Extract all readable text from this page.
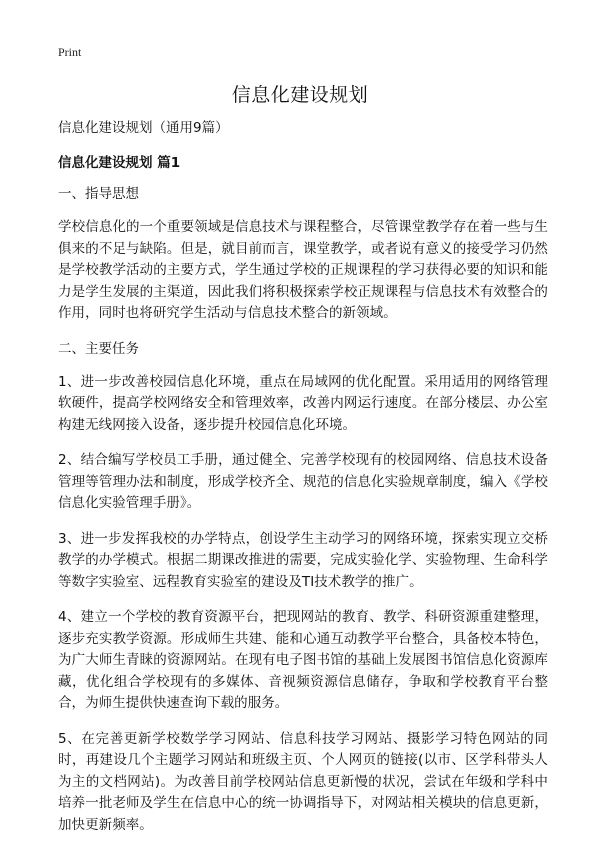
Print
信息化建设规划

信息化建设规划（通用9篇）

信息化建设规划 篇1

一、指导思想

学校信息化的一个重要领域是信息技术与课程整合，尽管课堂教学存在着一些与生俱来的不足与缺陷。但是，就目前而言，课堂教学，或者说有意义的接受学习仍然是学校教学活动的主要方式，学生通过学校的正规课程的学习获得必要的知识和能力是学生发展的主渠道，因此我们将积极探索学校正规课程与信息技术有效整合的作用，同时也将研究学生活动与信息技术整合的新领域。

二、主要任务

1、进一步改善校园信息化环境，重点在局域网的优化配置。采用适用的网络管理软硬件，提高学校网络安全和管理效率，改善内网运行速度。在部分楼层、办公室构建无线网接入设备，逐步提升校园信息化环境。

2、结合编写学校员工手册，通过健全、完善学校现有的校园网络、信息技术设备管理等管理办法和制度，形成学校齐全、规范的信息化实验规章制度，编入《学校信息化实验管理手册》。

3、进一步发挥我校的办学特点，创设学生主动学习的网络环境，探索实现立交桥教学的办学模式。根据二期课改推进的需要，完成实验化学、实验物理、生命科学等数字实验室、远程教育实验室的建设及TI技术教学的推广。

4、建立一个学校的教育资源平台，把现网站的教育、教学、科研资源重建整理，逐步充实教学资源。形成师生共建、能和心通互动教学平台整合，具备校本特色，为广大师生青睐的资源网站。在现有电子图书馆的基础上发展图书馆信息化资源库藏，优化组合学校现有的多媒体、音视频资源信息储存，争取和学校教育平台整合，为师生提供快速查询下载的服务。

5、在完善更新学校数学学习网站、信息科技学习网站、摄影学习特色网站的同时，再建设几个主题学习网站和班级主页、个人网页的链接(以市、区学科带头人为主的文档网站)。为改善目前学校网站信息更新慢的状况，尝试在年级和学科中培养一批老师及学生在信息中心的统一协调指导下，对网站相关模块的信息更新，加快更新频率。
